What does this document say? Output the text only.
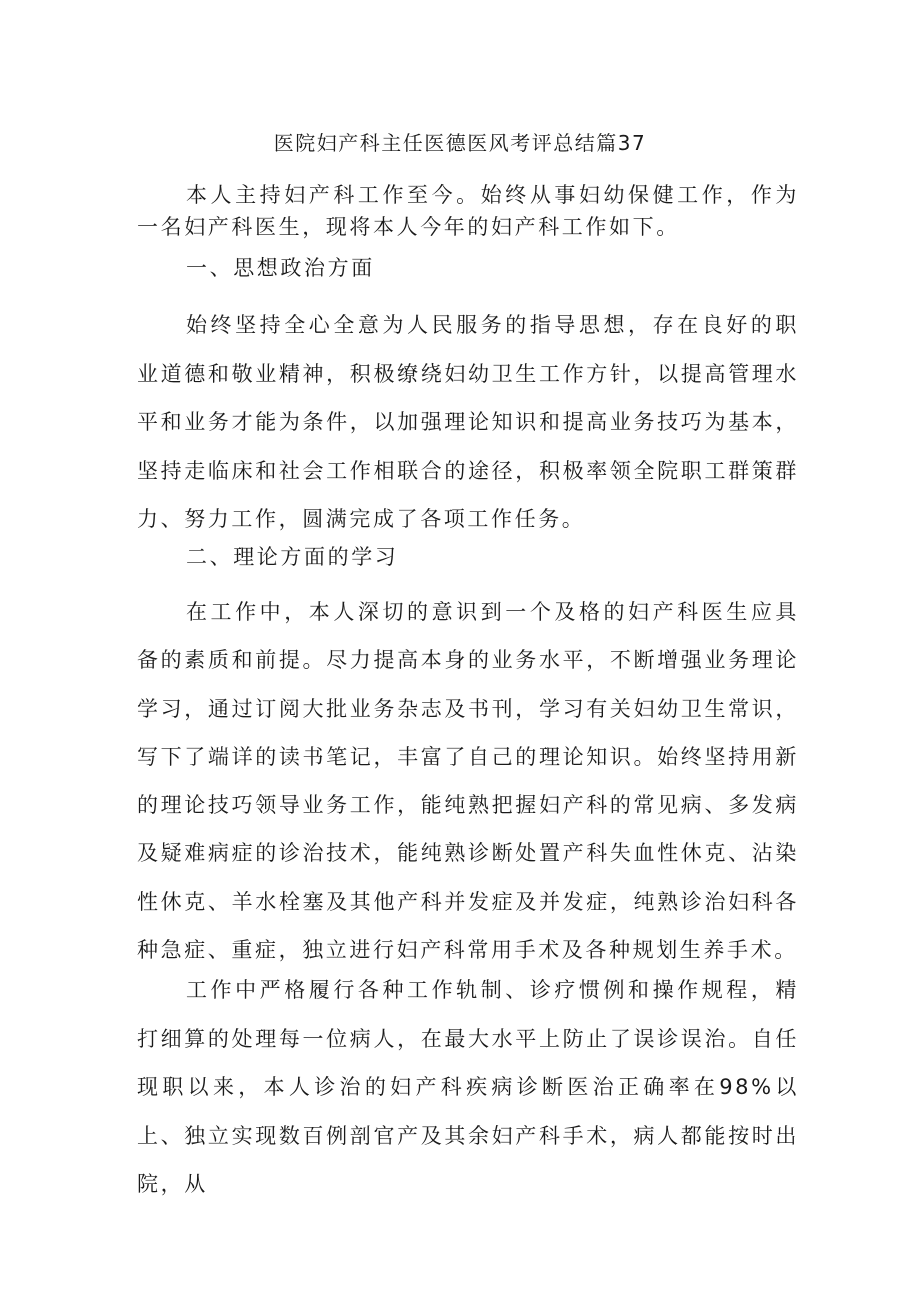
医院妇产科主任医德医风考评总结篇37

本人主持妇产科工作至今。始终从事妇幼保健工作，作为一名妇产科医生，现将本人今年的妇产科工作如下。

一、思想政治方面

始终坚持全心全意为人民服务的指导思想，存在良好的职业道德和敬业精神，积极缭绕妇幼卫生工作方针，以提高管理水平和业务才能为条件，以加强理论知识和提高业务技巧为基本，坚持走临床和社会工作相联合的途径，积极率领全院职工群策群力、努力工作，圆满完成了各项工作任务。

二、理论方面的学习

在工作中，本人深切的意识到一个及格的妇产科医生应具备的素质和前提。尽力提高本身的业务水平，不断增强业务理论学习，通过订阅大批业务杂志及书刊，学习有关妇幼卫生常识，写下了端详的读书笔记，丰富了自己的理论知识。始终坚持用新的理论技巧领导业务工作，能纯熟把握妇产科的常见病、多发病及疑难病症的诊治技术，能纯熟诊断处置产科失血性休克、沾染性休克、羊水栓塞及其他产科并发症及并发症，纯熟诊治妇科各种急症、重症，独立进行妇产科常用手术及各种规划生养手术。

工作中严格履行各种工作轨制、诊疗惯例和操作规程，精打细算的处理每一位病人，在最大水平上防止了误诊误治。自任现职以来，本人诊治的妇产科疾病诊断医治正确率在98%以上、独立实现数百例剖官产及其余妇产科手术，病人都能按时出院，从
